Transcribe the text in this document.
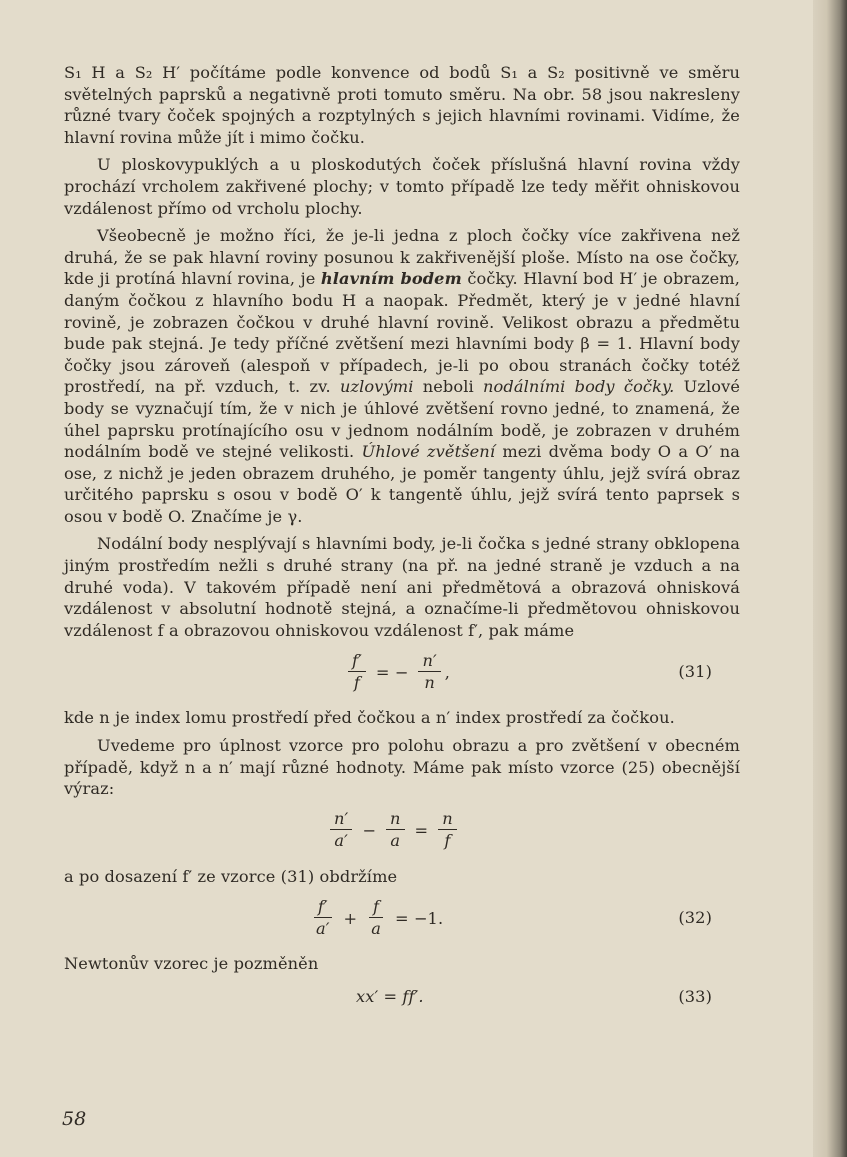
S₁ H a S₂ H′ počítáme podle konvence od bodů S₁ a S₂ positivně ve směru světelných paprsků a negativně proti tomuto směru. Na obr. 58 jsou nakresleny různé tvary čoček spojných a rozptylných s jejich hlavními rovinami. Vidíme, že hlavní rovina může jít i mimo čočku.

U ploskovypuklých a u ploskodutých čoček příslušná hlavní rovina vždy prochází vrcholem zakřivené plochy; v tomto případě lze tedy měřit ohniskovou vzdálenost přímo od vrcholu plochy.

Všeobecně je možno říci, že je-li jedna z ploch čočky více zakřivena než druhá, že se pak hlavní roviny posunou k zakřivenější ploše. Místo na ose čočky, kde ji protíná hlavní rovina, je hlavním bodem čočky. Hlavní bod H′ je obrazem, daným čočkou z hlavního bodu H a naopak. Předmět, který je v jedné hlavní rovině, je zobrazen čočkou v druhé hlavní rovině. Velikost obrazu a předmětu bude pak stejná. Je tedy příčné zvětšení mezi hlavními body β = 1. Hlavní body čočky jsou zároveň (alespoň v případech, je-li po obou stranách čočky totéž prostředí, na př. vzduch, t. zv. uzlovými neboli nodálními body čočky. Uzlové body se vyznačují tím, že v nich je úhlové zvětšení rovno jedné, to znamená, že úhel paprsku protínajícího osu v jednom nodálním bodě, je zobrazen v druhém nodálním bodě ve stejné velikosti. Úhlové zvětšení mezi dvěma body O a O′ na ose, z nichž je jeden obrazem druhého, je poměr tangenty úhlu, jejž svírá obraz určitého paprsku s osou v bodě O′ k tangentě úhlu, jejž svírá tento paprsek s osou v bodě O. Značíme je γ.

Nodální body nesplývají s hlavními body, je-li čočka s jedné strany obklopena jiným prostředím nežli s druhé strany (na př. na jedné straně je vzduch a na druhé voda). V takovém případě není ani předmětová a obrazová ohnisková vzdálenost v absolutní hodnotě stejná, a označíme-li předmětovou ohniskovou vzdálenost f a obrazovou ohniskovou vzdálenost f′, pak máme

$\frac{f'}{f}$ = − $\frac{n'}{n}$ ,	(31)

kde n je index lomu prostředí před čočkou a n′ index prostředí za čočkou.

Uvedeme pro úplnost vzorce pro polohu obrazu a pro zvětšení v obecném případě, když n a n′ mají různé hodnoty. Máme pak místo vzorce (25) obecnější výraz:

$\frac{n'}{a'} - \frac{n}{a} = \frac{n}{f}$

a po dosazení f′ ze vzorce (31) obdržíme

$\frac{f'}{a'} + \frac{f}{a} = -1$.	(32)

Newtonův vzorec je pozměněn

xx′ = ff′.	(33)
58
